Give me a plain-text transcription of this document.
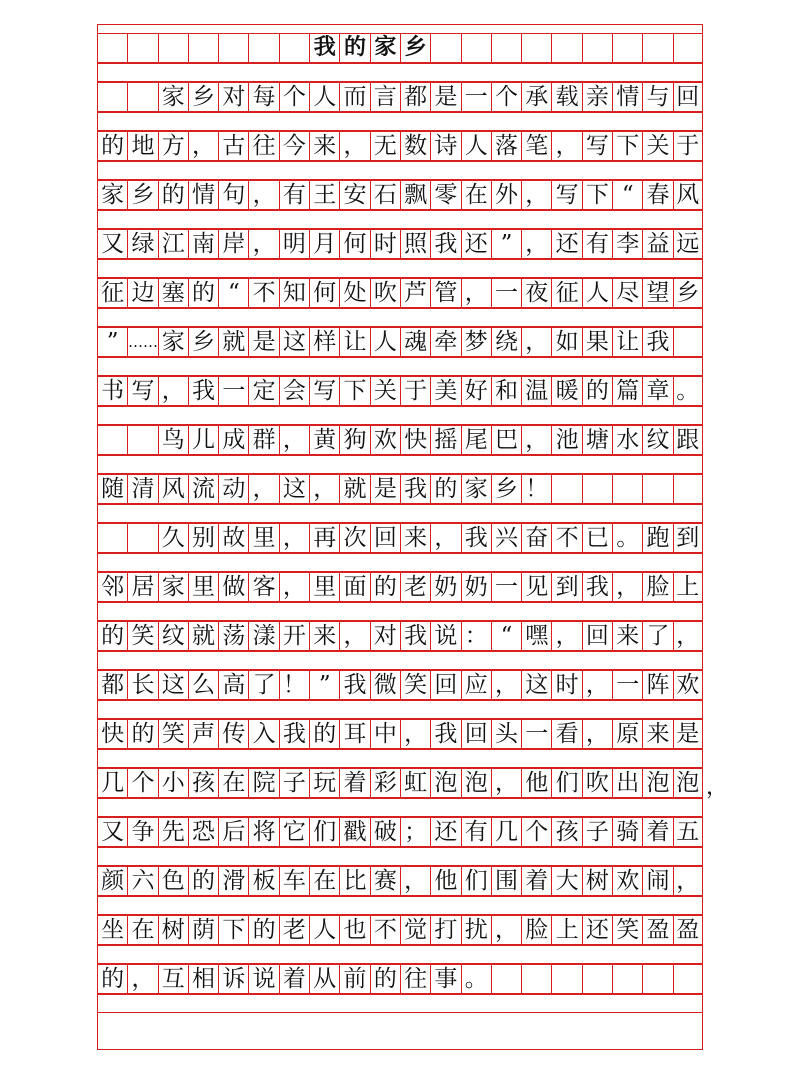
我 的 家 乡
家 乡 对 每 个 人 而 言 都 是 一 个 承 载 亲 情 与 回
的 地 方 ， 古 往 今 来 ， 无 数 诗 人 落 笔 ， 写 下 关 于
家 乡 的 情 句 ， 有 王 安 石 飘 零 在 外 ， 写 下 “ 春 风
又 绿 江 南 岸 ， 明 月 何 时 照 我 还 ” ， 还 有 李 益 远
征 边 塞 的 “ 不 知 何 处 吹 芦 管 ， 一 夜 征 人 尽 望 乡
” …… 家 乡 就 是 这 样 让 人 魂 牵 梦 绕 ， 如 果 让 我
书 写 ， 我 一 定 会 写 下 关 于 美 好 和 温 暖 的 篇 章 。
鸟 儿 成 群 ， 黄 狗 欢 快 摇 尾 巴 ， 池 塘 水 纹 跟
随 清 风 流 动 ， 这 ， 就 是 我 的 家 乡 ！
久 别 故 里 ， 再 次 回 来 ， 我 兴 奋 不 已 。 跑 到
邻 居 家 里 做 客 ， 里 面 的 老 奶 奶 一 见 到 我 ， 脸 上
的 笑 纹 就 荡 漾 开 来 ， 对 我 说 ： “ 嘿 ， 回 来 了 ，
都 长 这 么 高 了 ！ ” 我 微 笑 回 应 ， 这 时 ， 一 阵 欢
快 的 笑 声 传 入 我 的 耳 中 ， 我 回 头 一 看 ， 原 来 是
几 个 小 孩 在 院 子 玩 着 彩 虹 泡 泡 ， 他 们 吹 出 泡 泡
又 争 先 恐 后 将 它 们 戳 破 ； 还 有 几 个 孩 子 骑 着 五
颜 六 色 的 滑 板 车 在 比 赛 ， 他 们 围 着 大 树 欢 闹 ，
坐 在 树 荫 下 的 老 人 也 不 觉 打 扰 ， 脸 上 还 笑 盈 盈
的 ， 互 相 诉 说 着 从 前 的 往 事 。
，
